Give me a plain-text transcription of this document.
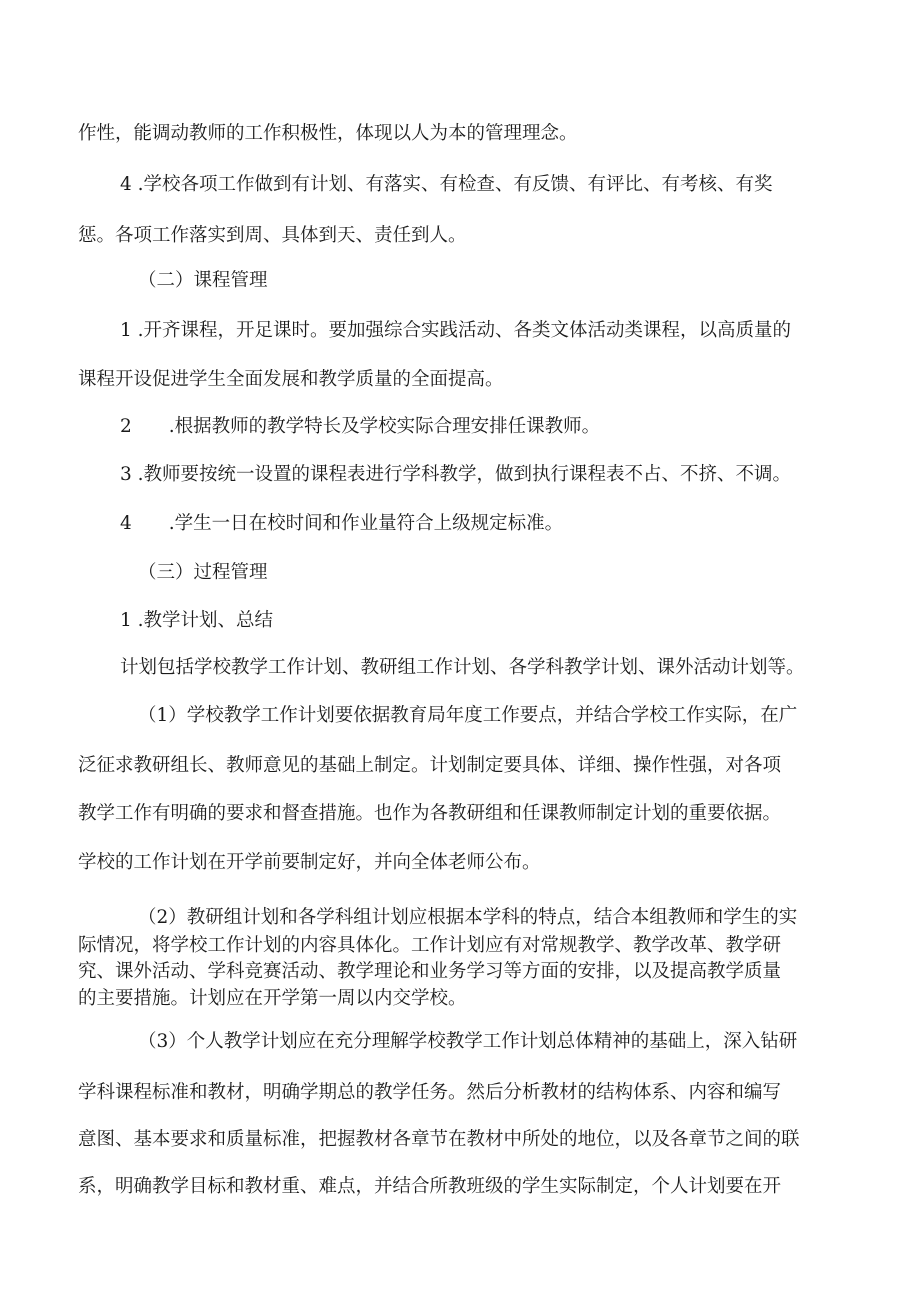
作性，能调动教师的工作积极性，体现以人为本的管理理念。

4 .学校各项工作做到有计划、有落实、有检查、有反馈、有评比、有考核、有奖

惩。各项工作落实到周、具体到天、责任到人。

（二）课程管理

1 .开齐课程，开足课时。要加强综合实践活动、各类文体活动类课程，以高质量的

课程开设促进学生全面发展和教学质量的全面提高。

2　　.根据教师的教学特长及学校实际合理安排任课教师。

3 .教师要按统一设置的课程表进行学科教学，做到执行课程表不占、不挤、不调。

4　　.学生一日在校时间和作业量符合上级规定标准。

（三）过程管理

1 .教学计划、总结

计划包括学校教学工作计划、教研组工作计划、各学科教学计划、课外活动计划等。

（1）学校教学工作计划要依据教育局年度工作要点，并结合学校工作实际，在广

泛征求教研组长、教师意见的基础上制定。计划制定要具体、详细、操作性强，对各项

教学工作有明确的要求和督查措施。也作为各教研组和任课教师制定计划的重要依据。

学校的工作计划在开学前要制定好，并向全体老师公布。

（2）教研组计划和各学科组计划应根据本学科的特点，结合本组教师和学生的实

际情况，将学校工作计划的内容具体化。工作计划应有对常规教学、教学改革、教学研

究、课外活动、学科竞赛活动、教学理论和业务学习等方面的安排，以及提高教学质量

的主要措施。计划应在开学第一周以内交学校。

（3）个人教学计划应在充分理解学校教学工作计划总体精神的基础上，深入钻研

学科课程标准和教材，明确学期总的教学任务。然后分析教材的结构体系、内容和编写

意图、基本要求和质量标准，把握教材各章节在教材中所处的地位，以及各章节之间的联

系，明确教学目标和教材重、难点，并结合所教班级的学生实际制定，个人计划要在开
